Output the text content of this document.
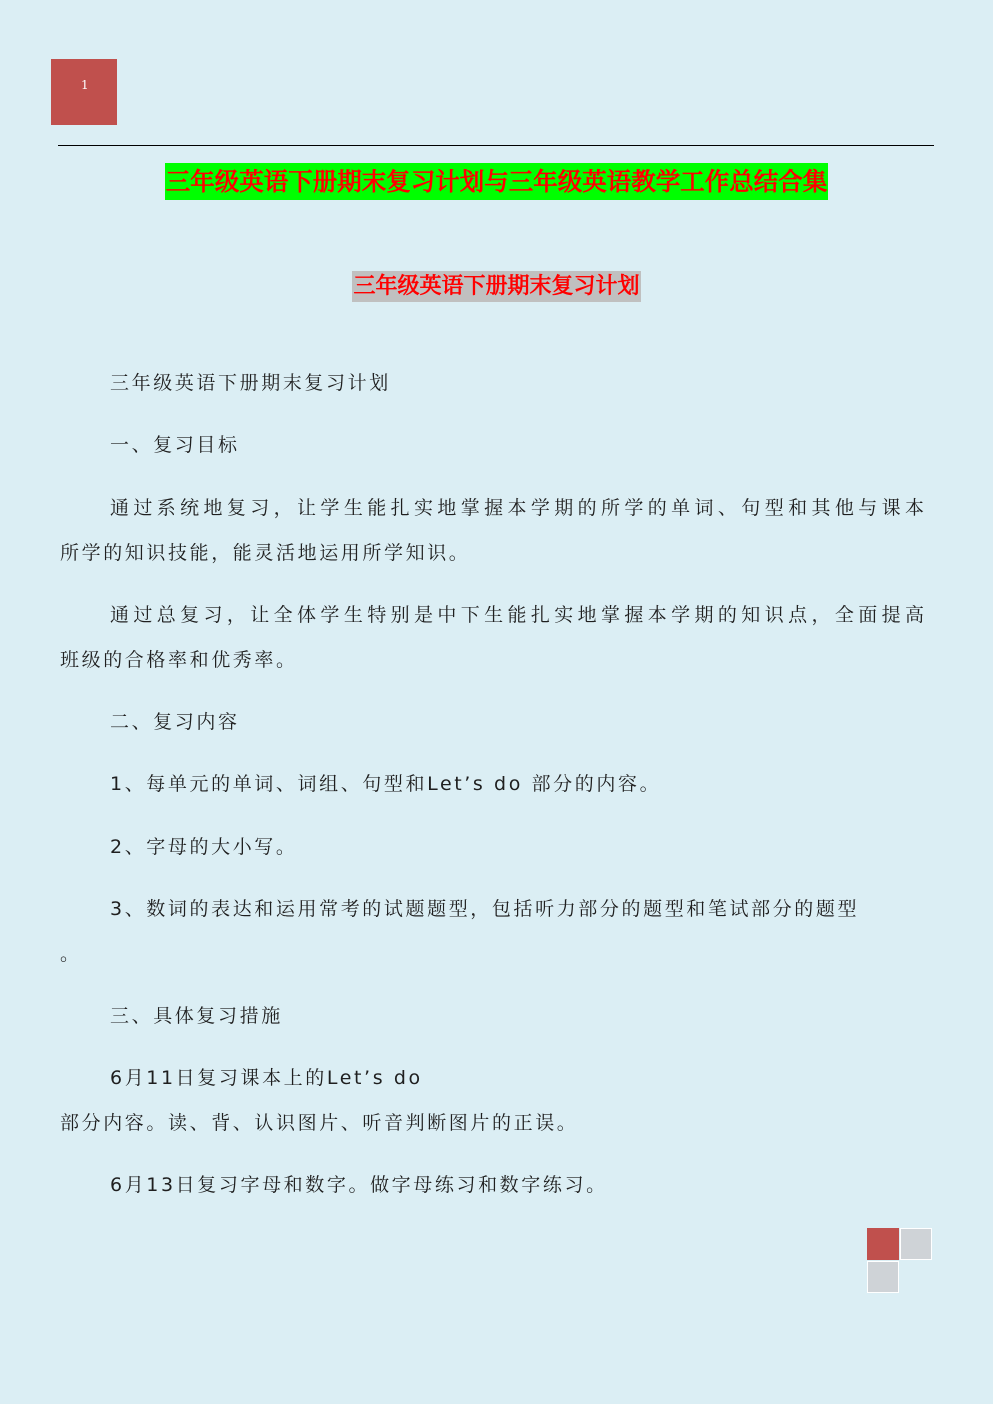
1
三年级英语下册期末复习计划与三年级英语教学工作总结合集
三年级英语下册期末复习计划
三年级英语下册期末复习计划
一、复习目标
通过系统地复习，让学生能扎实地掌握本学期的所学的单词、句型和其他与课本
所学的知识技能，能灵活地运用所学知识。
通过总复习，让全体学生特别是中下生能扎实地掌握本学期的知识点，全面提高
班级的合格率和优秀率。
二、复习内容
1、每单元的单词、词组、句型和Let’s do 部分的内容。
2、字母的大小写。
3、数词的表达和运用常考的试题题型，包括听力部分的题型和笔试部分的题型
。
三、具体复习措施
6月11日复习课本上的Let’s do
部分内容。读、背、认识图片、听音判断图片的正误。
6月13日复习字母和数字。做字母练习和数字练习。
